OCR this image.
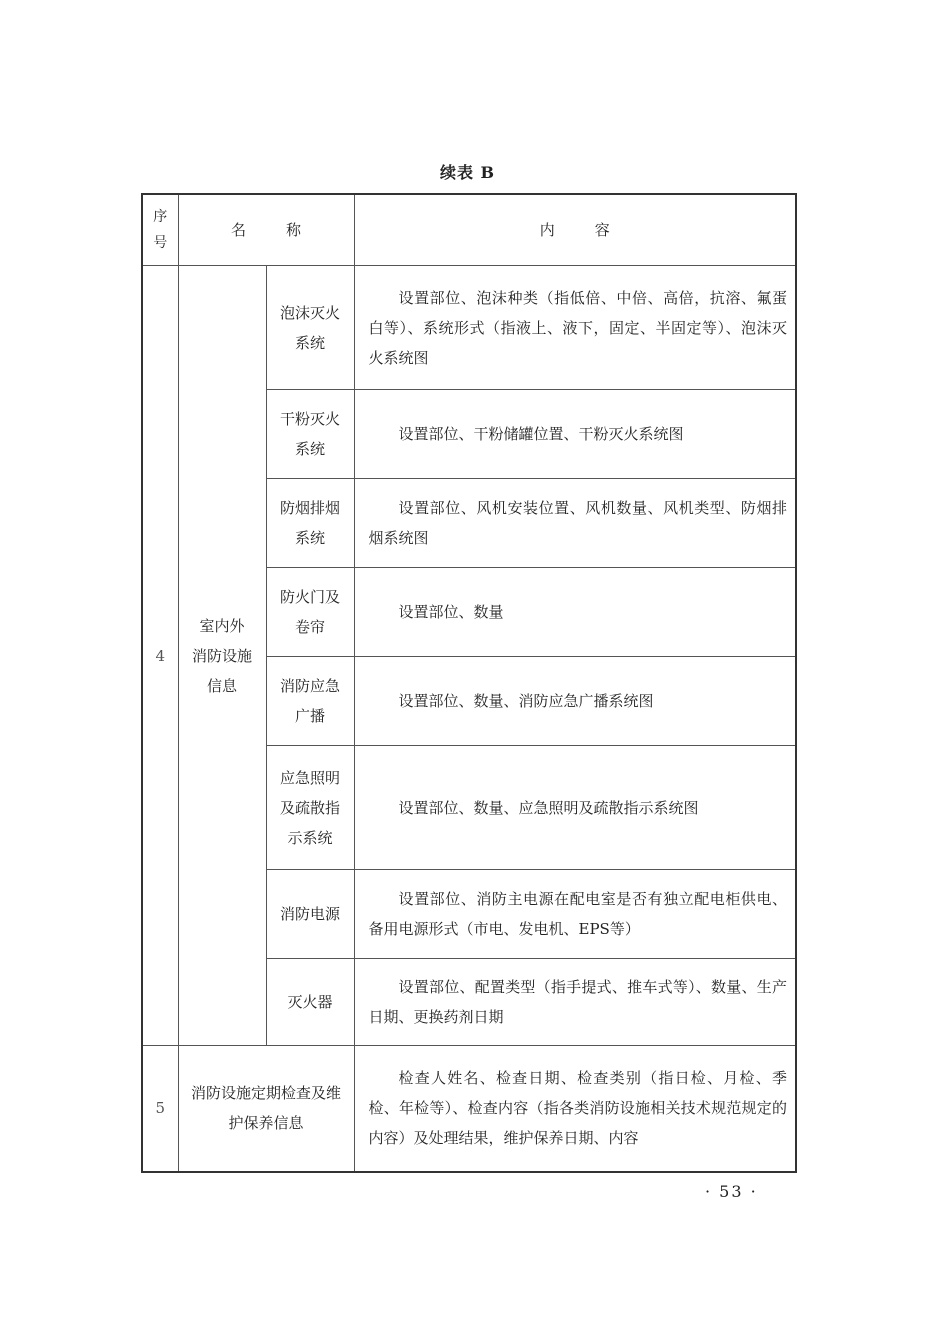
续表 B
序
号	名称		内容
4	室内外
消防设施
信息	泡沫灭火系统	设置部位、泡沫种类（指低倍、中倍、高倍，抗溶、氟蛋白等）、系统形式（指液上、液下，固定、半固定等）、泡沫灭火系统图

		干粉灭火系统	设置部位、干粉储罐位置、干粉灭火系统图

		防烟排烟系统	设置部位、风机安装位置、风机数量、风机类型、防烟排烟系统图

		防火门及卷帘	设置部位、数量

		消防应急广播	设置部位、数量、消防应急广播系统图

		应急照明及疏散指示系统	设置部位、数量、应急照明及疏散指示系统图

		消防电源	设置部位、消防主电源在配电室是否有独立配电柜供电、备用电源形式（市电、发电机、EPS等）

		灭火器	设置部位、配置类型（指手提式、推车式等）、数量、生产日期、更换药剂日期

5	消防设施定期检查及维护保养信息		检查人姓名、检查日期、检查类别（指日检、月检、季检、年检等）、检查内容（指各类消防设施相关技术规范规定的内容）及处理结果，维护保养日期、内容
· 53 ·
